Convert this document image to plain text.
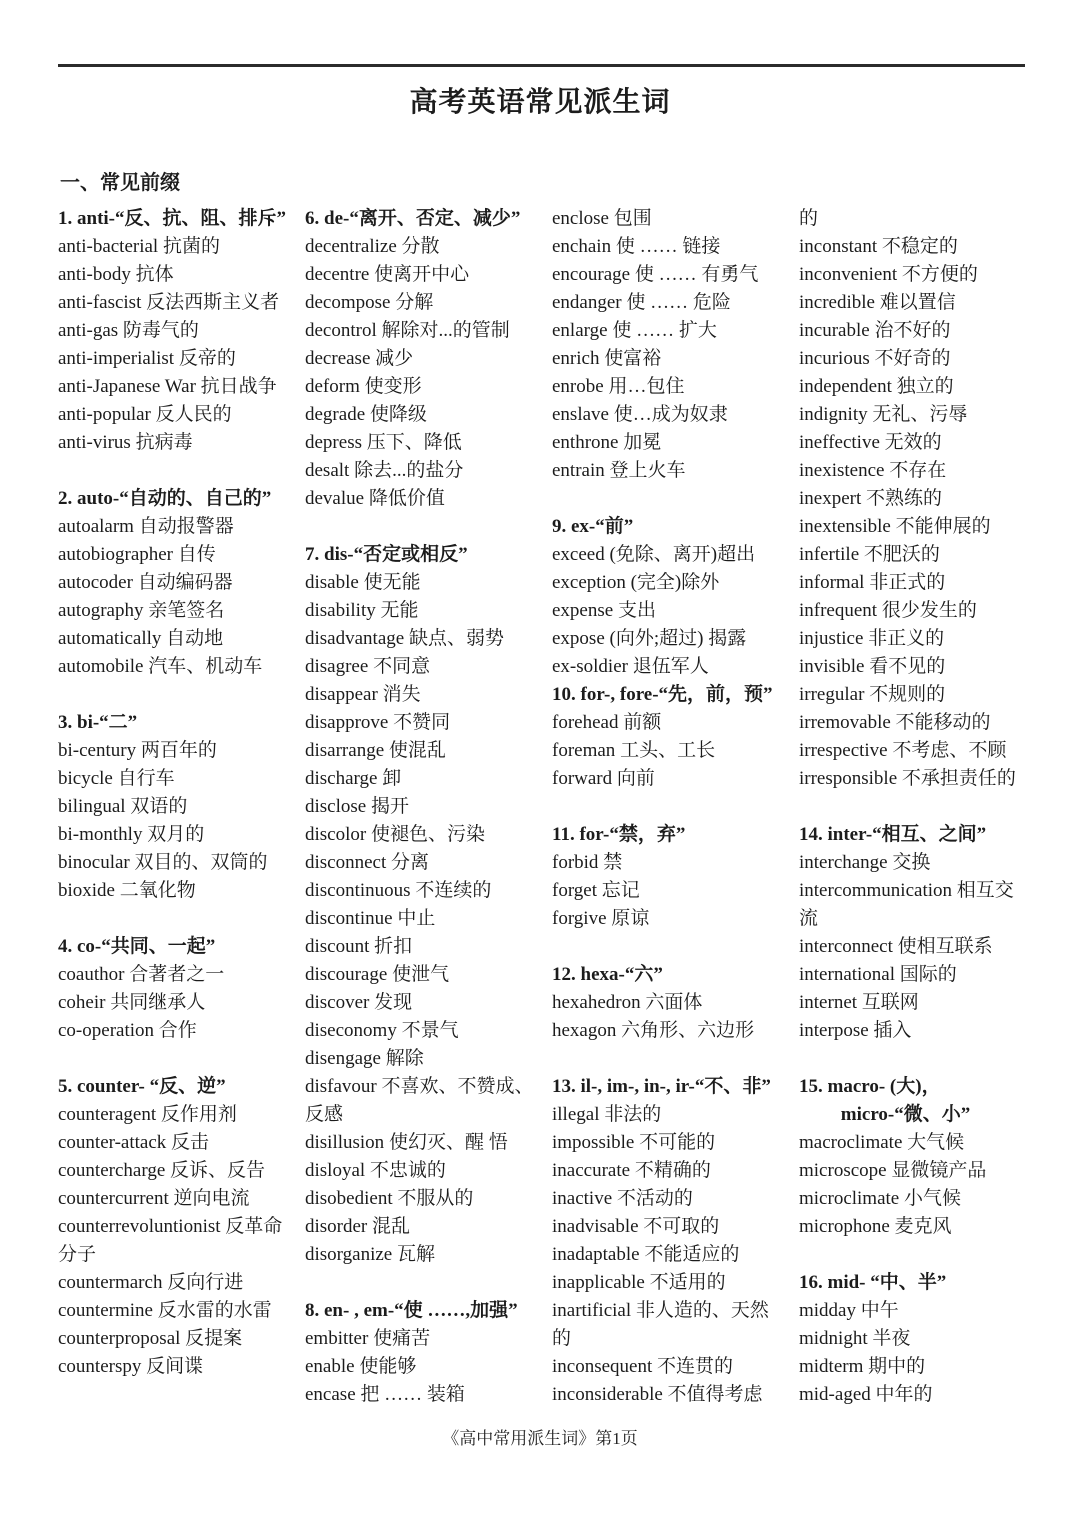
高考英语常见派生词
一、常见前缀
1. anti-“反、抗、阻、排斥”
anti-bacterial 抗菌的
anti-body 抗体
anti-fascist 反法西斯主义者
anti-gas 防毒气的
anti-imperialist 反帝的
anti-Japanese War 抗日战争
anti-popular 反人民的
anti-virus 抗病毒
2. auto-“自动的、自己的”
autoalarm 自动报警器
autobiographer 自传
autocoder 自动编码器
autography 亲笔签名
automatically 自动地
automobile 汽车、机动车
3. bi-“二”
bi-century 两百年的
bicycle 自行车
bilingual 双语的
bi-monthly 双月的
binocular 双目的、双筒的
bioxide 二氧化物
4. co-“共同、一起”
coauthor 合著者之一
coheir 共同继承人
co-operation 合作
5. counter- “反、逆”
counteragent 反作用剂
counter-attack 反击
countercharge 反诉、反告
countercurrent 逆向电流
counterrevoluntionist 反革命分子
countermarch 反向行进
countermine 反水雷的水雷
counterproposal 反提案
counterspy 反间谍
6. de-“离开、否定、减少”
decentralize 分散
decentre 使离开中心
decompose 分解
decontrol 解除对...的管制
decrease 减少
deform 使变形
degrade 使降级
depress 压下、降低
desalt 除去...的盐分
devalue 降低价值
7. dis-“否定或相反”
disable 使无能
disability 无能
disadvantage 缺点、弱势
disagree 不同意
disappear 消失
disapprove 不赞同
disarrange 使混乱
discharge 卸
disclose 揭开
discolor 使褪色、污染
disconnect 分离
discontinuous 不连续的
discontinue 中止
discount 折扣
discourage 使泄气
discover 发现
diseconomy 不景气
disengage 解除
disfavour 不喜欢、不赞成、反感
disillusion 使幻灭、醒 悟
disloyal 不忠诚的
disobedient 不服从的
disorder 混乱
disorganize 瓦解
8. en- , em-“使 ……,加强”
embitter 使痛苦
enable 使能够
encase 把 …… 装箱
enclose 包围
enchain 使 …… 链接
encourage 使 …… 有勇气
endanger 使 …… 危险
enlarge 使 …… 扩大
enrich 使富裕
enrobe 用…包住
enslave 使…成为奴隶
enthrone 加冕
entrain 登上火车
9. ex-“前”
exceed (免除、离开)超出
exception (完全)除外
expense 支出
expose (向外;超过) 揭露
ex-soldier 退伍军人
10. for-, fore-“先，前，预”
forehead 前额
foreman 工头、工长
forward 向前
11. for-“禁，弃”
forbid 禁
forget 忘记
forgive 原谅
12. hexa-“六”
hexahedron 六面体
hexagon 六角形、六边形
13. il-, im-, in-, ir-“不、非”
illegal 非法的
impossible 不可能的
inaccurate 不精确的
inactive 不活动的
inadvisable 不可取的
inadaptable 不能适应的
inapplicable 不适用的
inartificial 非人造的、天然的
inconsequent 不连贯的
inconsiderable 不值得考虑
的
inconstant 不稳定的
inconvenient 不方便的
incredible 难以置信
incurable 治不好的
incurious 不好奇的
independent 独立的
indignity 无礼、污辱
ineffective 无效的
inexistence 不存在
inexpert 不熟练的
inextensible 不能伸展的
infertile 不肥沃的
informal 非正式的
infrequent 很少发生的
injustice 非正义的
invisible 看不见的
irregular 不规则的
irremovable 不能移动的
irrespective 不考虑、不顾
irresponsible 不承担责任的
14. inter-“相互、之间”
interchange 交换
intercommunication 相互交流
interconnect 使相互联系
international 国际的
internet 互联网
interpose 插入
15. macro- (大)，micro-“微、小”
macroclimate 大气候
microscope 显微镜产品
microclimate 小气候
microphone 麦克风
16. mid- “中、半”
midday 中午
midnight 半夜
midterm 期中的
mid-aged 中年的
《高中常用派生词》第1页
